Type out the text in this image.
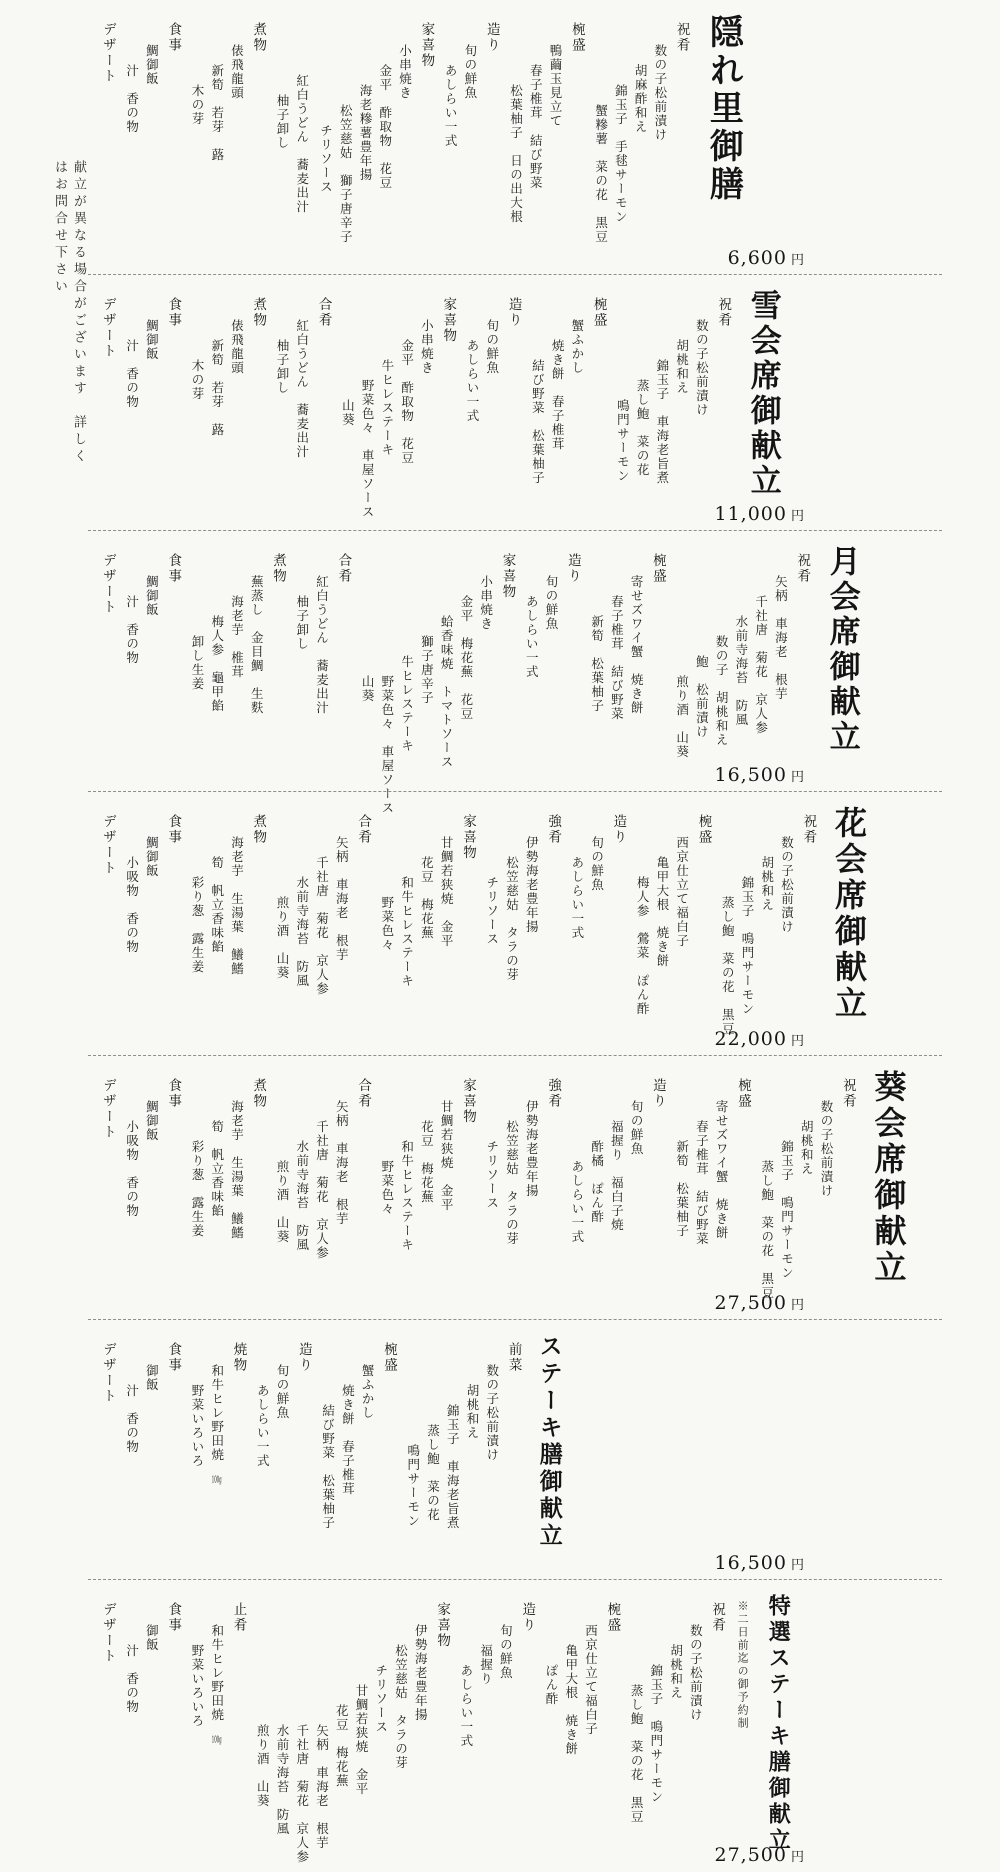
献立が異なる場合がございます　詳しくはお問合せ下さい
隠れ里御膳
祝肴
数の子松前漬け
胡麻酢和え
錦玉子　手毬サーモン
蟹糝薯　菜の花　黒豆
椀盛
鴨繭玉見立て
春子椎茸　結び野菜
松葉柚子　日の出大根
造り
旬の鮮魚
あしらい一式
家喜物
小串焼き
金平　酢取物　花豆
海老糝薯豊年揚
松笠慈姑　獅子唐辛子
チリソース
紅白うどん　蕎麦出汁
柚子卸し
煮物
俵飛龍頭
新筍　若芽　蕗
木の芽
食事
鯛御飯
汁　香の物
デザート
6,600 円
雪会席御献立
祝肴
数の子松前漬け
胡桃和え
錦玉子　車海老旨煮
蒸し鮑　菜の花
鳴門サーモン
椀盛
蟹ふかし
焼き餅　春子椎茸
結び野菜　松葉柚子
造り
旬の鮮魚
あしらい一式
家喜物
小串焼き
金平　酢取物　花豆
牛ヒレステーキ
野菜色々　車屋ソース
山葵
合肴
紅白うどん　蕎麦出汁
柚子卸し
煮物
俵飛龍頭
新筍　若芽　蕗
木の芽
食事
鯛御飯
汁　香の物
デザート
11,000 円
月会席御献立
祝肴
矢柄　車海老　根芋
千社唐　菊花　京人参
水前寺海苔　防風
数の子　胡桃和え
鮑　松前漬け
煎り酒　山葵
椀盛
寄せズワイ蟹　焼き餅
春子椎茸　結び野菜
新筍　松葉柚子
造り
旬の鮮魚
あしらい一式
家喜物
小串焼き
金平　梅花蕪　花豆
蛤香味焼　トマトソース
獅子唐辛子
牛ヒレステーキ
野菜色々　車屋ソース
山葵
合肴
紅白うどん　蕎麦出汁
柚子卸し
煮物
蕪蒸し　金目鯛　生麩
海老芋　椎茸
梅人参　龜甲餡
卸し生姜
食事
鯛御飯
汁　香の物
デザート
16,500 円
花会席御献立
祝肴
数の子松前漬け
胡桃和え
錦玉子　鳴門サーモン
蒸し鮑　菜の花　黒豆
椀盛
西京仕立て福白子
亀甲大根　焼き餅
梅人参　鶯菜　ぽん酢
造り
旬の鮮魚
あしらい一式
強肴
伊勢海老豊年揚
松笠慈姑　タラの芽
チリソース
家喜物
甘鯛若狭焼　金平
花豆　梅花蕪
和牛ヒレステーキ
野菜色々
合肴
矢柄　車海老　根芋
千社唐　菊花　京人参
水前寺海苔　防風
煎り酒　山葵
煮物
海老芋　生湯葉　鱶鰭
筍　帆立香味餡
彩り葱　露生姜
食事
鯛御飯
小吸物　香の物
デザート
22,000 円
葵会席御献立
祝肴
数の子松前漬け
胡桃和え
錦玉子　鳴門サーモン
蒸し鮑　菜の花　黒豆
椀盛
寄せズワイ蟹　焼き餅
春子椎茸　結び野菜
新筍　松葉柚子
造り
旬の鮮魚
福握り　福白子焼
酢橘　ぽん酢
あしらい一式
強肴
伊勢海老豊年揚
松笠慈姑　タラの芽
チリソース
家喜物
甘鯛若狭焼　金平
花豆　梅花蕪
和牛ヒレステーキ
野菜色々
合肴
矢柄　車海老　根芋
千社唐　菊花　京人参
水前寺海苔　防風
煎り酒　山葵
煮物
海老芋　生湯葉　鱶鰭
筍　帆立香味餡
彩り葱　露生姜
食事
鯛御飯
小吸物　香の物
デザート
27,500 円
ステーキ膳御献立
前菜
数の子松前漬け
胡桃和え
錦玉子　車海老旨煮
蒸し鮑　菜の花
鳴門サーモン
椀盛
蟹ふかし
焼き餅　春子椎茸
結び野菜　松葉柚子
造り
旬の鮮魚
あしらい一式
焼物
和牛ヒレ野田焼　100g
野菜いろいろ
食事
御飯
汁　香の物
デザート
16,500 円
特選ステーキ膳御献立
※二日前迄の御予約制
祝肴
数の子松前漬け
胡桃和え
錦玉子　鳴門サーモン
蒸し鮑　菜の花　黒豆
椀盛
西京仕立て福白子
亀甲大根　焼き餅
ぽん酢
造り
旬の鮮魚
福握り
あしらい一式
家喜物
伊勢海老豊年揚
松笠慈姑　タラの芽
チリソース
甘鯛若狭焼　金平
花豆　梅花蕪
矢柄　車海老　根芋
千社唐　菊花　京人参
水前寺海苔　防風
煎り酒　山葵
止肴
和牛ヒレ野田焼　100g
野菜いろいろ
食事
御飯
汁　香の物
デザート
27,500 円
